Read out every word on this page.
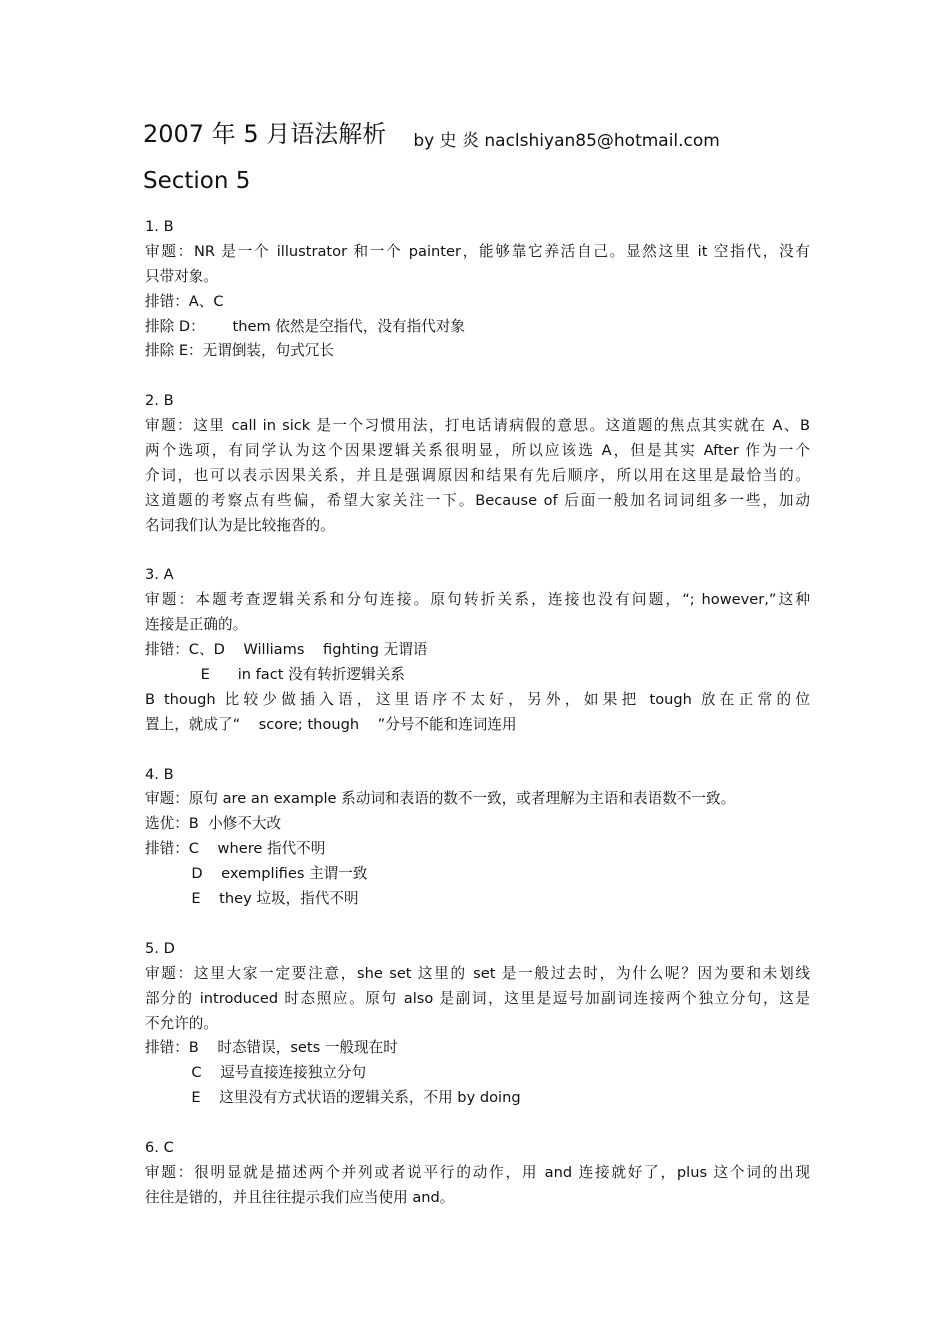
2007 年 5 月语法解析 by 史 炎 naclshiyan85@hotmail.com
Section 5
1. B
审题：NR 是一个 illustrator 和一个 painter，能够靠它养活自己。显然这里 it 空指代，没有
只带对象。
排错：A、C
排除 D：      them 依然是空指代，没有指代对象
排除 E：无谓倒装，句式冗长
2. B
审题：这里 call in sick 是一个习惯用法，打电话请病假的意思。这道题的焦点其实就在 A、B
两个选项，有同学认为这个因果逻辑关系很明显，所以应该选 A，但是其实 After 作为一个
介词，也可以表示因果关系，并且是强调原因和结果有先后顺序，所以用在这里是最恰当的。
这道题的考察点有些偏，希望大家关注一下。Because of 后面一般加名词词组多一些，加动
名词我们认为是比较拖沓的。
3. A
审题：本题考查逻辑关系和分句连接。原句转折关系，连接也没有问题，“; however,”这种
连接是正确的。
排错：C、D    Williams    fighting 无谓语
E      in fact 没有转折逻辑关系
B though 比较少做插入语，这里语序不太好，另外，如果把 tough 放在正常的位
置上，就成了“    score; though    ”分号不能和连词连用
4. B
审题：原句 are an example 系动词和表语的数不一致，或者理解为主语和表语数不一致。
选优：B  小修不大改
排错：C    where 指代不明
D    exemplifies 主谓一致
E    they 垃圾，指代不明
5. D
审题：这里大家一定要注意，she set 这里的 set 是一般过去时，为什么呢？因为要和未划线
部分的 introduced 时态照应。原句 also 是副词，这里是逗号加副词连接两个独立分句，这是
不允许的。
排错：B    时态错误，sets 一般现在时
C    逗号直接连接独立分句
E    这里没有方式状语的逻辑关系，不用 by doing
6. C
审题：很明显就是描述两个并列或者说平行的动作，用 and 连接就好了，plus 这个词的出现
往往是错的，并且往往提示我们应当使用 and。
